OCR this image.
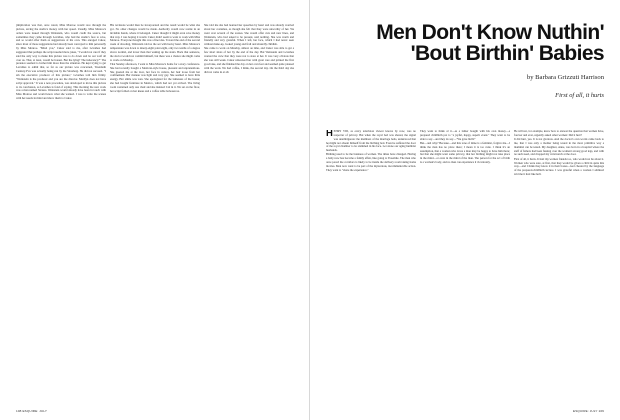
(implication was that, once cured, Miss Monroe would race through the picture, saving the studio's money with her speed. Usually, Miss Monroe's orders were issued through Weinstein, who would credit the source, but sometimes they came through Levathes, who had the studio's face to save, and so would offer them as suggestions of his own. This enraged Cukor, since most of those suggestions had already been conveyed to him personally by Miss Monroe. "Mind you," Cukor said to me, after Levathes had suggested that perhaps the script needed more jokes, "I would not care if they said the only way to make this picture was to do down and be our wolf all over us. That, at least, would be honest. But the lying? The indecency?" The pretence seemed to bother him more than the situation. He kept trying to get Levathes to admit that, so far as our picture was concerned, Twentieth Century-Fox was actually being run by the Strasberg. He did not succeed. "I am the executive producer of this picture," Levathes told him firmly. "Weinstein is the producer and you are the director. Marilyn does not have script approval." It was a new procedure, was developed to move this picture to its conclusion, as Levathes is fond of saying. This morning the new work was a man named Strauss. Weinstein would already have been in touch with Miss Monroe and would know what she wanted. I was to write the scenes with her needs in mind and show them to Cukor.

His revisions would then be incorporated and the result would be what she got. No other changes would be made. Authority would now reside in an invisible hands, where it belonged. Cukor thought it might even save money that way. I was hoping it would. Cukor didn't seem to want to work with Miss Monroe. Everyone thought this was a fine idea. Toward the end of the second week of shooting, Weinstein told us the set with heavy heart. Miss Monroe's temperature was down to ninety-eight point eight, only two tenths of a degree above normal, and lower than that waking up the stairs. Back that sentence, the doctor would not commit himself, but there was a chance she might come to work on Monday.

That Sunday afternoon, I went to Miss Monroe's home for a story conference. She had recently bought a Mexican-style house, pleasant and unpretentious. She greeted me at the door, her face in curlers, her hair loose from her confinement. Her manner was light and very gay. She seemed to have little energy. Her smile was wan. She apologized for the lameness of the house; she had bought furniture in Mexico, which had not yet arrived. The living room contained only one chair and she insisted I sit in it. We sat on the floor, her script folded on her knees and a coffee table between us.

She told me she had learned her speeches by heart and was already worried about her costumes, as though she felt that they were unworthy of her. We went over several of the scenes. She would offer cuts and new lines, and Weinstein, who had asked to be present, said nothing. She was warm and friendly and very grateful. When I left, her face, which I had never seen without make-up, looked young and frail and absurdly childish.

She came to work on Monday, almost on time, and Cukor was able to get a few short shots of her by the end of the day. But Weinstein and Levathes warned the crew that they were not to stare at her. It was very obvious that she was still weak. Cukor rehearsed her with great care and printed the first good take, and she finished the day on her own feet and seemed quite pleased with the work. We had coffee, I think, the second day. On the third day she did not come in at all.

108 ESQUIRE: JULY
Men Don't Know Nuthin'
'Bout Birthin' Babies
by Barbara Grizzuti Harrison
First of all, it hurts

HENRY VIII, as every television viewer knows by now, was no respecter of privacy. But when the royal bed was shared, the signal was unambiguous: the members of the marriage beds, understood that he might not absent himself from the birthing bed. Even he suffered the door of the royal chamber to be slammed in his face. Let alone our aging humbler husbands.

Birthing used to be the business of women. The times have changed. Having a baby now has become a family affair, like going to Yosemite. The man who once paced the corridors is likely to be inside the delivery room taking home movies. Men now want to be part of the mysterious, incommunicable action. They want to "share the experience."

They want to think of it—as a father bought with his own money—a prepared childbirth pot to "a joyful, happy, superb event." They want to be able to say—and they do say—"We gave birth!"

But—and why? Because—and this tone of mine is a feminist, forgive me—I think the man has no place there; I mean it is too rude. I think it's an assumption, that a woman who loves a man may be happy to have him there; but that she might want some privacy, that her birthing might not take place in the mind—or even in the mind of the man. The person for the act of birth is a woman's body, and no man can experience it vicariously.

He will not, for example, know how to answer the question that women have, forever and ever, urgently asked other women: Did it hurt?

It did hurt, yes. It is not glorious. And the doctor's own words came back to me, that I was only a mother being tested in the most primitive way a mammal can be tested. My daughter, Anne, was born in a hospital where the staff of fathers had been fussing over the women's strong good legs, and with no such need, and dropped my wristwatch at the door.

First of all, it hurts. It hurt my women friends too, who would not lie about it. Women who were sure, at first, that they would be given a child in quite this way—and I think they know it in their bones—feel cheated by the language of the prepared-childbirth lecture. I was grateful when a woman I admired told me it hurt like hell.

ESQUIRE: JULY 109
